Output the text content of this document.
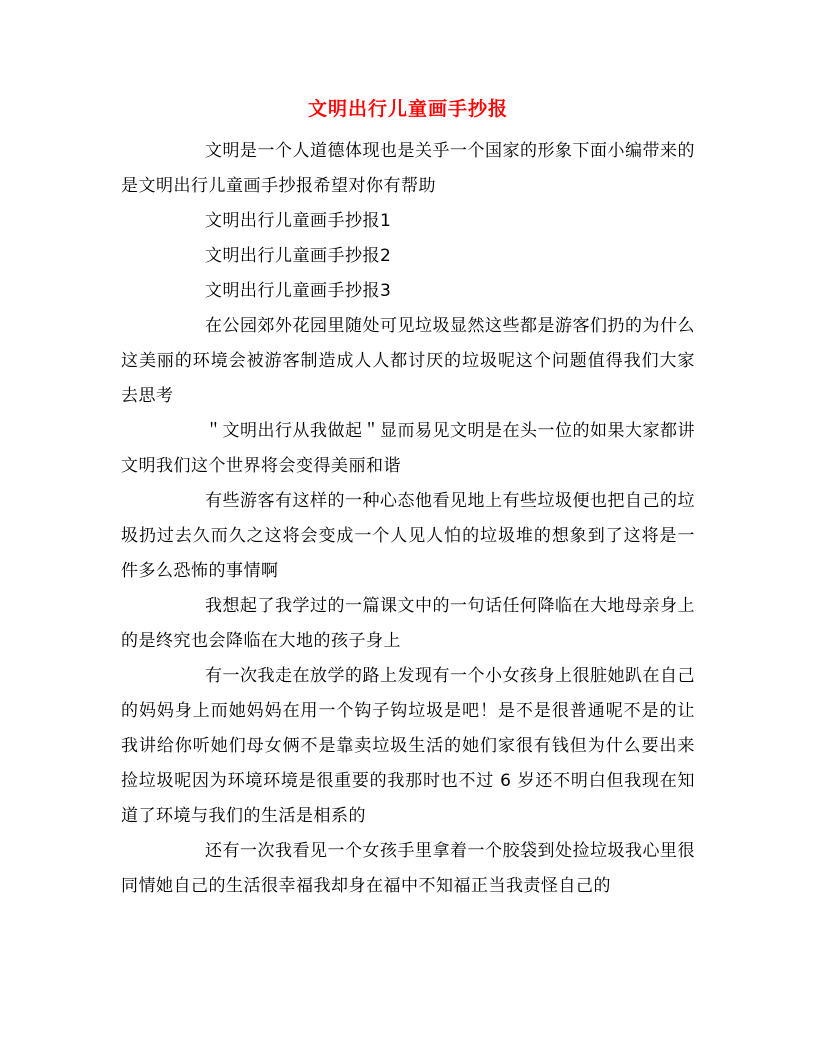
文明出行儿童画手抄报

文明是一个人道德体现也是关乎一个国家的形象下面小编带来的是文明出行儿童画手抄报希望对你有帮助

文明出行儿童画手抄报1

文明出行儿童画手抄报2

文明出行儿童画手抄报3

在公园郊外花园里随处可见垃圾显然这些都是游客们扔的为什么这美丽的环境会被游客制造成人人都讨厌的垃圾呢这个问题值得我们大家去思考

＂文明出行从我做起＂显而易见文明是在头一位的如果大家都讲文明我们这个世界将会变得美丽和谐

有些游客有这样的一种心态他看见地上有些垃圾便也把自己的垃圾扔过去久而久之这将会变成一个人见人怕的垃圾堆的想象到了这将是一件多么恐怖的事情啊

我想起了我学过的一篇课文中的一句话任何降临在大地母亲身上的是终究也会降临在大地的孩子身上

有一次我走在放学的路上发现有一个小女孩身上很脏她趴在自己的妈妈身上而她妈妈在用一个钩子钩垃圾是吧！是不是很普通呢不是的让我讲给你听她们母女俩不是靠卖垃圾生活的她们家很有钱但为什么要出来捡垃圾呢因为环境环境是很重要的我那时也不过 6 岁还不明白但我现在知道了环境与我们的生活是相系的

还有一次我看见一个女孩手里拿着一个胶袋到处捡垃圾我心里很同情她自己的生活很幸福我却身在福中不知福正当我责怪自己的
